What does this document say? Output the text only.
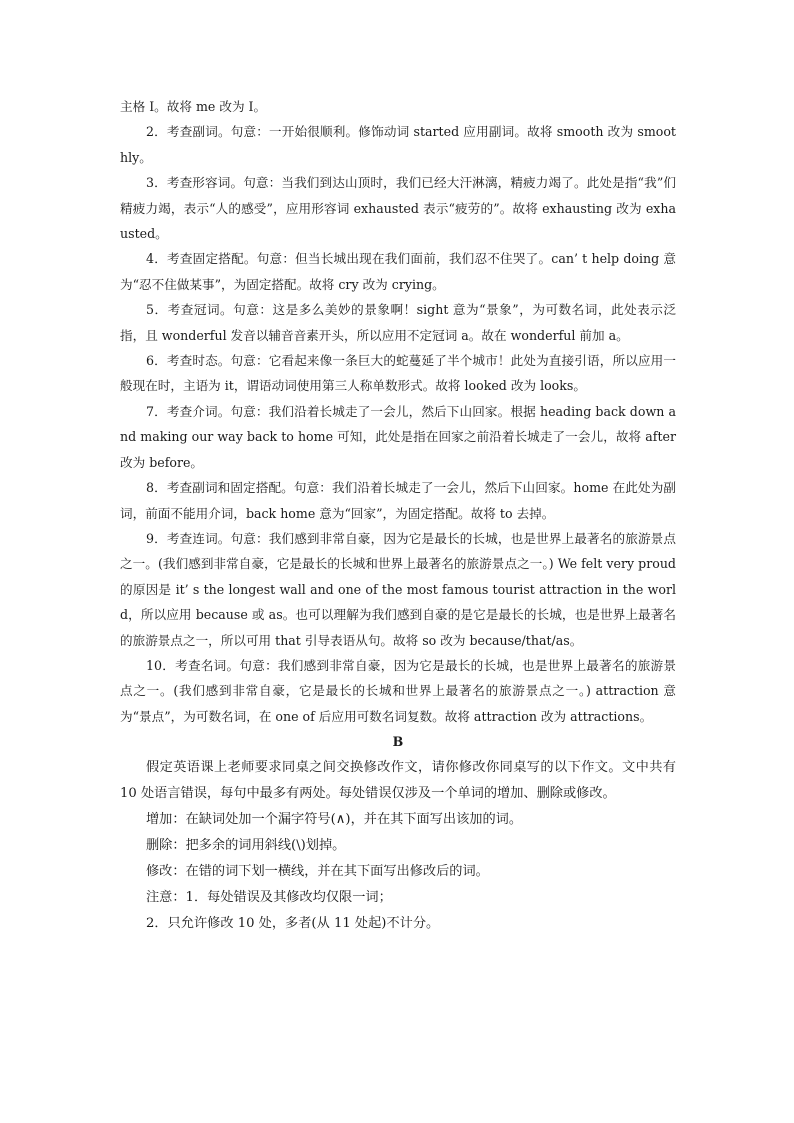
主格 I。故将 me 改为 I。

2．考查副词。句意：一开始很顺利。修饰动词 started 应用副词。故将 smooth 改为 smoothly。

3．考查形容词。句意：当我们到达山顶时，我们已经大汗淋漓，精疲力竭了。此处是指“我”们精疲力竭，表示“人的感受”，应用形容词 exhausted 表示“疲劳的”。故将 exhausting 改为 exhausted。

4．考查固定搭配。句意：但当长城出现在我们面前，我们忍不住哭了。can’ t help doing 意为“忍不住做某事”，为固定搭配。故将 cry 改为 crying。

5．考查冠词。句意：这是多么美妙的景象啊！sight 意为“景象”，为可数名词，此处表示泛指，且 wonderful 发音以辅音音素开头，所以应用不定冠词 a。故在 wonderful 前加 a。

6．考查时态。句意：它看起来像一条巨大的蛇蔓延了半个城市！此处为直接引语，所以应用一般现在时，主语为 it，谓语动词使用第三人称单数形式。故将 looked 改为 looks。

7．考查介词。句意：我们沿着长城走了一会儿，然后下山回家。根据 heading back down and making our way back to home 可知，此处是指在回家之前沿着长城走了一会儿，故将 after 改为 before。

8．考查副词和固定搭配。句意：我们沿着长城走了一会儿，然后下山回家。home 在此处为副词，前面不能用介词，back home 意为“回家”，为固定搭配。故将 to 去掉。

9．考查连词。句意：我们感到非常自豪，因为它是最长的长城，也是世界上最著名的旅游景点之一。(我们感到非常自豪，它是最长的长城和世界上最著名的旅游景点之一。) We felt very proud 的原因是 it’ s the longest wall and one of the most famous tourist attraction in the world，所以应用 because 或 as。也可以理解为我们感到自豪的是它是最长的长城，也是世界上最著名的旅游景点之一，所以可用 that 引导表语从句。故将 so 改为 because/that/as。

10．考查名词。句意：我们感到非常自豪，因为它是最长的长城，也是世界上最著名的旅游景点之一。(我们感到非常自豪，它是最长的长城和世界上最著名的旅游景点之一。) attraction 意为“景点”，为可数名词，在 one of 后应用可数名词复数。故将 attraction 改为 attractions。

B

假定英语课上老师要求同桌之间交换修改作文，请你修改你同桌写的以下作文。文中共有 10 处语言错误，每句中最多有两处。每处错误仅涉及一个单词的增加、删除或修改。

增加：在缺词处加一个漏字符号(∧)，并在其下面写出该加的词。

删除：把多余的词用斜线(\)划掉。

修改：在错的词下划一横线，并在其下面写出修改后的词。

注意：1．每处错误及其修改均仅限一词；

2．只允许修改 10 处，多者(从 11 处起)不计分。
